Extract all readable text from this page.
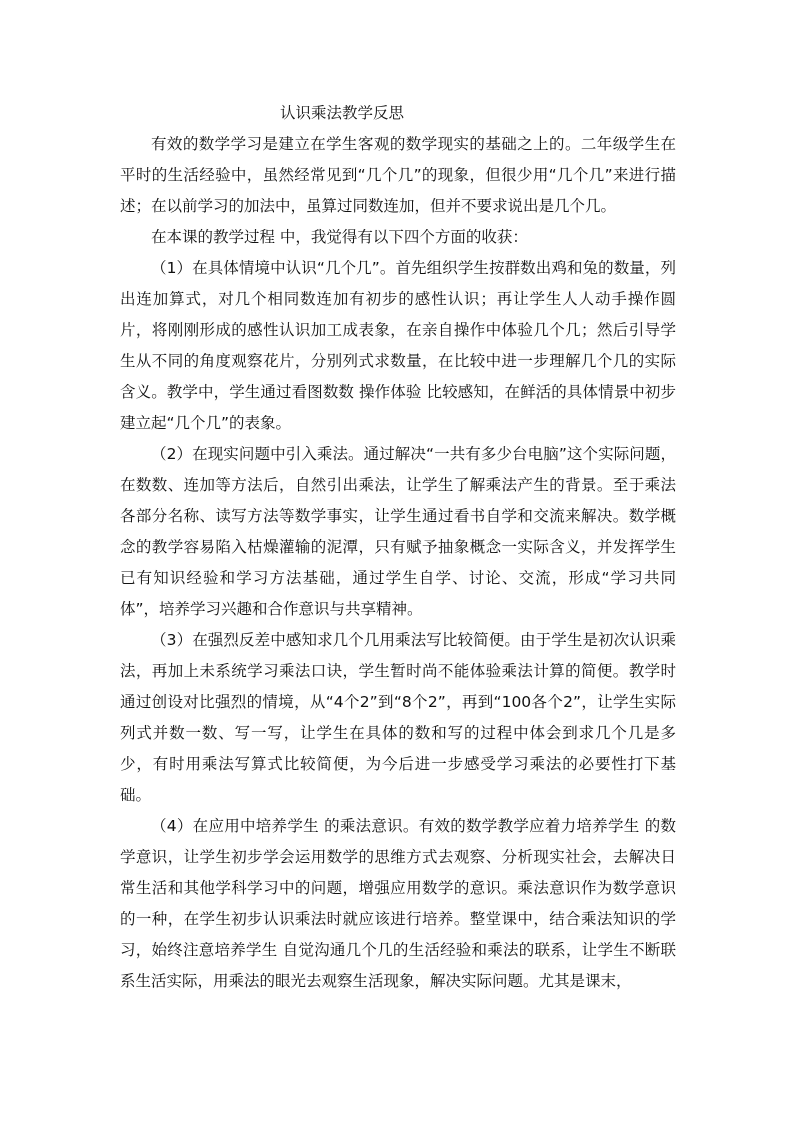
认识乘法教学反思

有效的数学学习是建立在学生客观的数学现实的基础之上的。二年级学生在平时的生活经验中，虽然经常见到“几个几”的现象，但很少用“几个几”来进行描述；在以前学习的加法中，虽算过同数连加，但并不要求说出是几个几。

在本课的教学过程 中，我觉得有以下四个方面的收获：

（1）在具体情境中认识“几个几”。首先组织学生按群数出鸡和兔的数量，列出连加算式，对几个相同数连加有初步的感性认识；再让学生人人动手操作圆片，将刚刚形成的感性认识加工成表象，在亲自操作中体验几个几；然后引导学生从不同的角度观察花片，分别列式求数量，在比较中进一步理解几个几的实际含义。教学中，学生通过看图数数 操作体验 比较感知，在鲜活的具体情景中初步建立起“几个几”的表象。

（2）在现实问题中引入乘法。通过解决“一共有多少台电脑”这个实际问题，在数数、连加等方法后，自然引出乘法，让学生了解乘法产生的背景。至于乘法各部分名称、读写方法等数学事实，让学生通过看书自学和交流来解决。数学概念的教学容易陷入枯燥灌输的泥潭，只有赋予抽象概念一实际含义，并发挥学生已有知识经验和学习方法基础，通过学生自学、讨论、交流，形成“学习共同体”，培养学习兴趣和合作意识与共享精神。

（3）在强烈反差中感知求几个几用乘法写比较简便。由于学生是初次认识乘法，再加上未系统学习乘法口诀，学生暂时尚不能体验乘法计算的简便。教学时通过创设对比强烈的情境，从“4个2”到“8个2”，再到“100各个2”，让学生实际列式并数一数、写一写，让学生在具体的数和写的过程中体会到求几个几是多少，有时用乘法写算式比较简便，为今后进一步感受学习乘法的必要性打下基础。

（4）在应用中培养学生 的乘法意识。有效的数学教学应着力培养学生 的数学意识，让学生初步学会运用数学的思维方式去观察、分析现实社会，去解决日常生活和其他学科学习中的问题，增强应用数学的意识。乘法意识作为数学意识的一种，在学生初步认识乘法时就应该进行培养。整堂课中，结合乘法知识的学习，始终注意培养学生 自觉沟通几个几的生活经验和乘法的联系，让学生不断联系生活实际，用乘法的眼光去观察生活现象，解决实际问题。尤其是课末，
